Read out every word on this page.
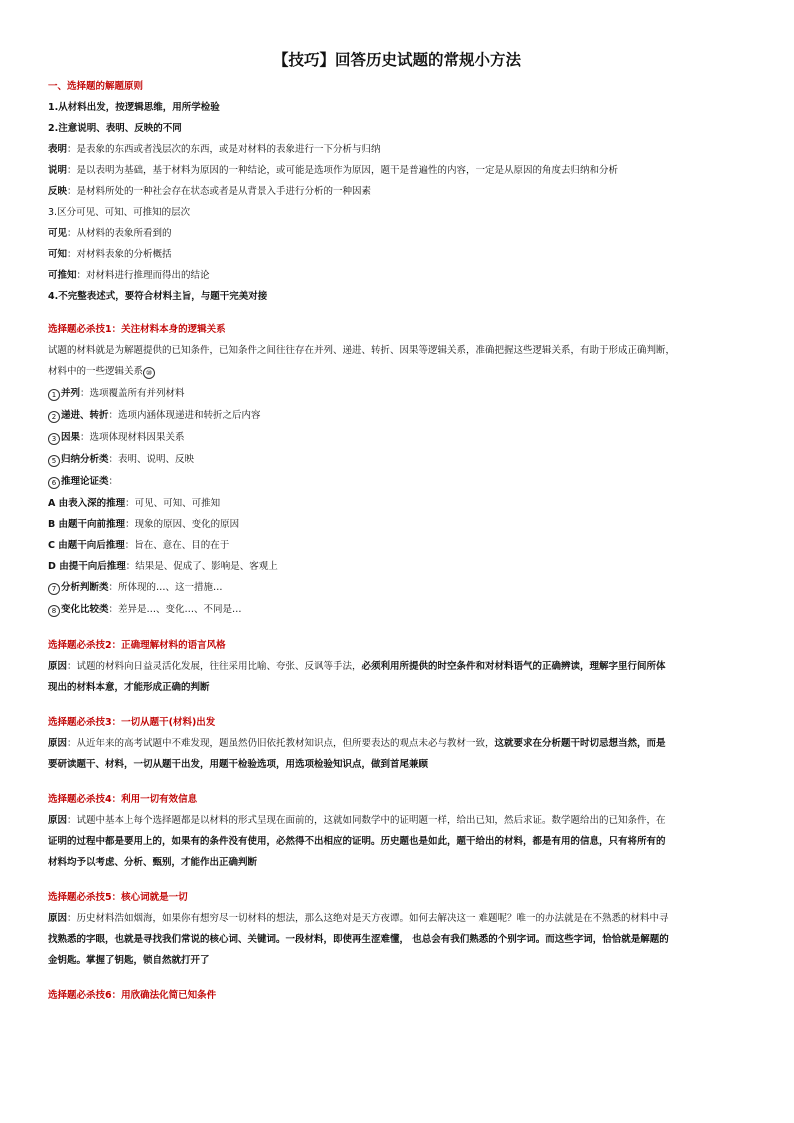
【技巧】回答历史试题的常规小方法
一、选择题的解题原则
1.从材料出发，按逻辑思维，用所学检验
2.注意说明、表明、反映的不同
表明：是表象的东西或者浅层次的东西，或是对材料的表象进行一下分析与归纳
说明：是以表明为基础，基于材料为原因的一种结论，或可能是选项作为原因，题干是普遍性的内容，一定是从原因的角度去归纳和分析
反映：是材料所处的一种社会存在状态或者是从背景入手进行分析的一种因素
3.区分可见、可知、可推知的层次
可见：从材料的表象所看到的
可知：对材料表象的分析概括
可推知：对材料进行推理而得出的结论
4.不完整表述式，要符合材料主旨，与题干完美对接
选择题必杀技1：关注材料本身的逻辑关系
试题的材料就是为解题提供的已知条件，已知条件之间往往存在并列、递进、转折、因果等逻辑关系，准确把握这些逻辑关系，有助于形成正确判断，
材料中的一些逻辑关系 ⑩
1 并列：选项覆盖所有并列材料
2 递进、转折：选项内涵体现递进和转折之后内容
3 因果：选项体现材料因果关系
5 归纳分析类：表明、说明、反映
6 推理论证类：
A 由表入深的推理：可见、可知、可推知
B 由题干向前推理：现象的原因、变化的原因
C 由题干向后推理：旨在、意在、目的在于
D 由提干向后推理：结果是、促成了、影响是、客观上
7 分析判断类：所体现的…、这一措施…
8 变化比较类：差异是…、变化…、不同是…
选择题必杀技2：正确理解材料的语言风格
原因：试题的材料向日益灵活化发展，往往采用比喻、夸张、反讽等手法，必须利用所提供的时空条件和对材料语气的正确辨读，理解字里行间所体
现出的材料本意，才能形成正确的判断
选择题必杀技3：一切从题干(材料)出发
原因：从近年来的高考试题中不难发现，题虽然仍旧依托教材知识点，但所要表达的观点未必与教材一致，这就要求在分析题干时切忌想当然，而是
要研读题干、材料，一切从题干出发，用题干检验选项，用选项检验知识点，做到首尾兼顾
选择题必杀技4：利用一切有效信息
原因：试题中基本上每个选择题都是以材料的形式呈现在面前的，这就如同数学中的证明题一样，给出已知，然后求证。数学题给出的已知条件，在
证明的过程中都是要用上的，如果有的条件没有使用，必然得不出相应的证明。历史题也是如此，题干给出的材料，都是有用的信息，只有将所有的
材料均予以考虑、分析、甄别，才能作出正确判断
选择题必杀技5：核心词就是一切
原因：历史材料浩如烟海，如果你有想穷尽一切材料的想法，那么这绝对是天方夜谭。如何去解决这一 难题呢？唯一的办法就是在不熟悉的材料中寻
找熟悉的字眼，也就是寻找我们常说的核心词、关键词。一段材料，即使再生涩难懂， 也总会有我们熟悉的个别字词。而这些字词，恰恰就是解题的
金钥匙。掌握了钥匙，锁自然就打开了
选择题必杀技6：用欣确法化简已知条件
